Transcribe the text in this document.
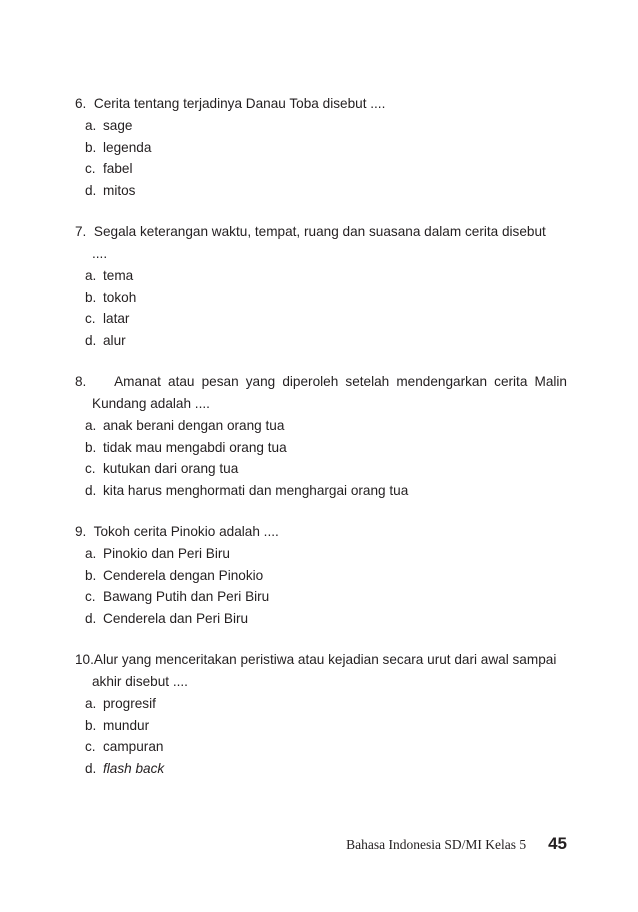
6. Cerita tentang terjadinya Danau Toba disebut ....
a. sage
b. legenda
c. fabel
d. mitos
7. Segala keterangan waktu, tempat, ruang dan suasana dalam cerita disebut
....
a. tema
b. tokoh
c. latar
d. alur
8. Amanat atau pesan yang diperoleh setelah mendengarkan cerita Malin
Kundang adalah ....
a. anak berani dengan orang tua
b. tidak mau mengabdi orang tua
c. kutukan dari orang tua
d. kita harus menghormati dan menghargai orang tua
9. Tokoh cerita Pinokio adalah ....
a. Pinokio dan Peri Biru
b. Cenderela dengan Pinokio
c. Bawang Putih dan Peri Biru
d. Cenderela dan Peri Biru
10.Alur yang menceritakan peristiwa atau kejadian secara urut dari awal sampai
akhir disebut ....
a. progresif
b. mundur
c. campuran
d. flash back
Bahasa Indonesia SD/MI Kelas 5 45
